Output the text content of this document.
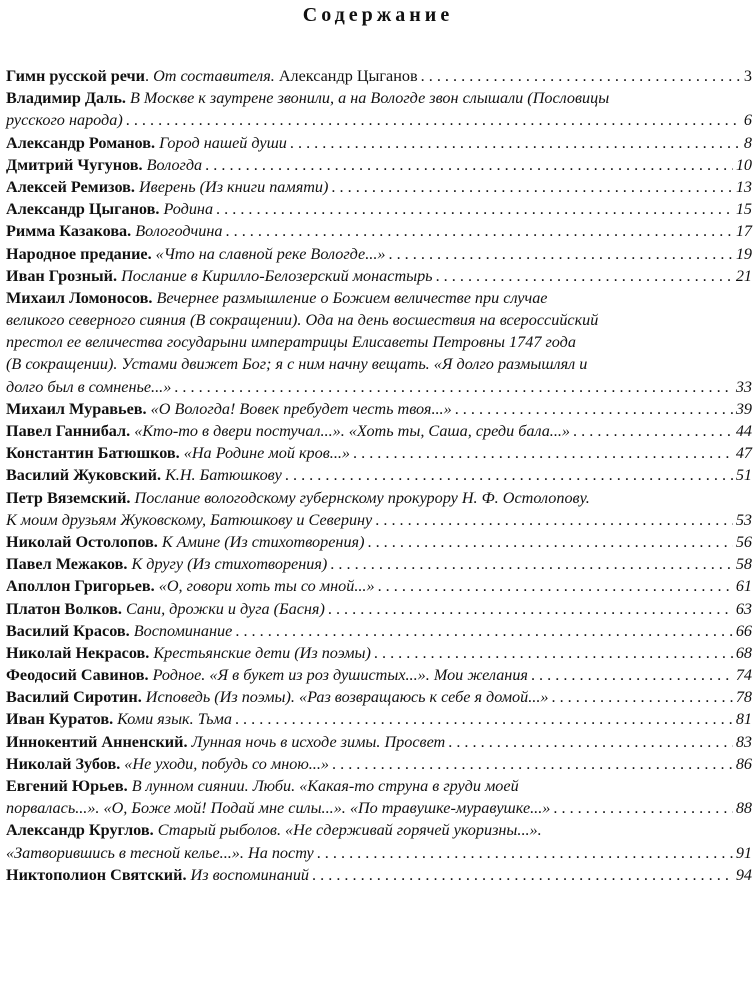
Содержание
Гимн русской речи. От составителя. Александр Цыганов . . .	3
Владимир Даль. В Москве к заутрене звонили, а на Вологде звон слышали (Пословицы
русского народа) . . .	6
Александр Романов. Город нашей души . . .	8
Дмитрий Чугунов. Вологда . . .	10
Алексей Ремизов. Иверень (Из книги памяти) . . .	13
Александр Цыганов. Родина . . .	15
Римма Казакова. Вологодчина . . .	17
Народное предание. «Что на славной реке Вологде...» . . .	19
Иван Грозный. Послание в Кирилло-Белозерский монастырь . . .	21
Михаил Ломоносов. Вечернее размышление о Божием величестве при случае
великого северного сияния (В сокращении). Ода на день восшествия на всероссийский
престол ее величества государыни императрицы Елисаветы Петровны 1747 года
(В сокращении). Устами движет Бог; я с ним начну вещать. «Я долго размышлял и
долго был в сомненье...» . . .	33
Михаил Муравьев. «О Вологда! Вовек пребудет честь твоя...» . . .	39
Павел Ганнибал. «Кто-то в двери постучал...». «Хоть ты, Саша, среди бала...» . . .	44
Константин Батюшков. «На Родине мой кров...» . . .	47
Василий Жуковский. К.Н. Батюшкову . . .	51
Петр Вяземский. Послание вологодскому губернскому прокурору Н. Ф. Остолопову.
К моим друзьям Жуковскому, Батюшкову и Северину . . .	53
Николай Остолопов. К Амине (Из стихотворения) . . .	56
Павел Межаков. К другу (Из стихотворения) . . .	58
Аполлон Григорьев. «О, говори хоть ты со мной...» . . .	61
Платон Волков. Сани, дрожки и дуга (Басня) . . .	63
Василий Красов. Воспоминание . . .	66
Николай Некрасов. Крестьянские дети (Из поэмы) . . .	68
Феодосий Савинов. Родное. «Я в букет из роз душистых...». Мои желания . . .	74
Василий Сиротин. Исповедь (Из поэмы). «Раз возвращаюсь к себе я домой...» . . .	78
Иван Куратов. Коми язык. Тьма . . .	81
Иннокентий Анненский. Лунная ночь в исходе зимы. Просвет . . .	83
Николай Зубов. «Не уходи, побудь со мною...» . . .	86
Евгений Юрьев. В лунном сиянии. Люби. «Какая-то струна в груди моей
порвалась...». «О, Боже мой! Подай мне силы...». «По травушке-муравушке...» . . .	88
Александр Круглов. Старый рыболов. «Не сдерживай горячей укоризны...».
«Затворившись в тесной келье...». На посту . . .	91
Никтополион Святский. Из воспоминаний . . .	94
